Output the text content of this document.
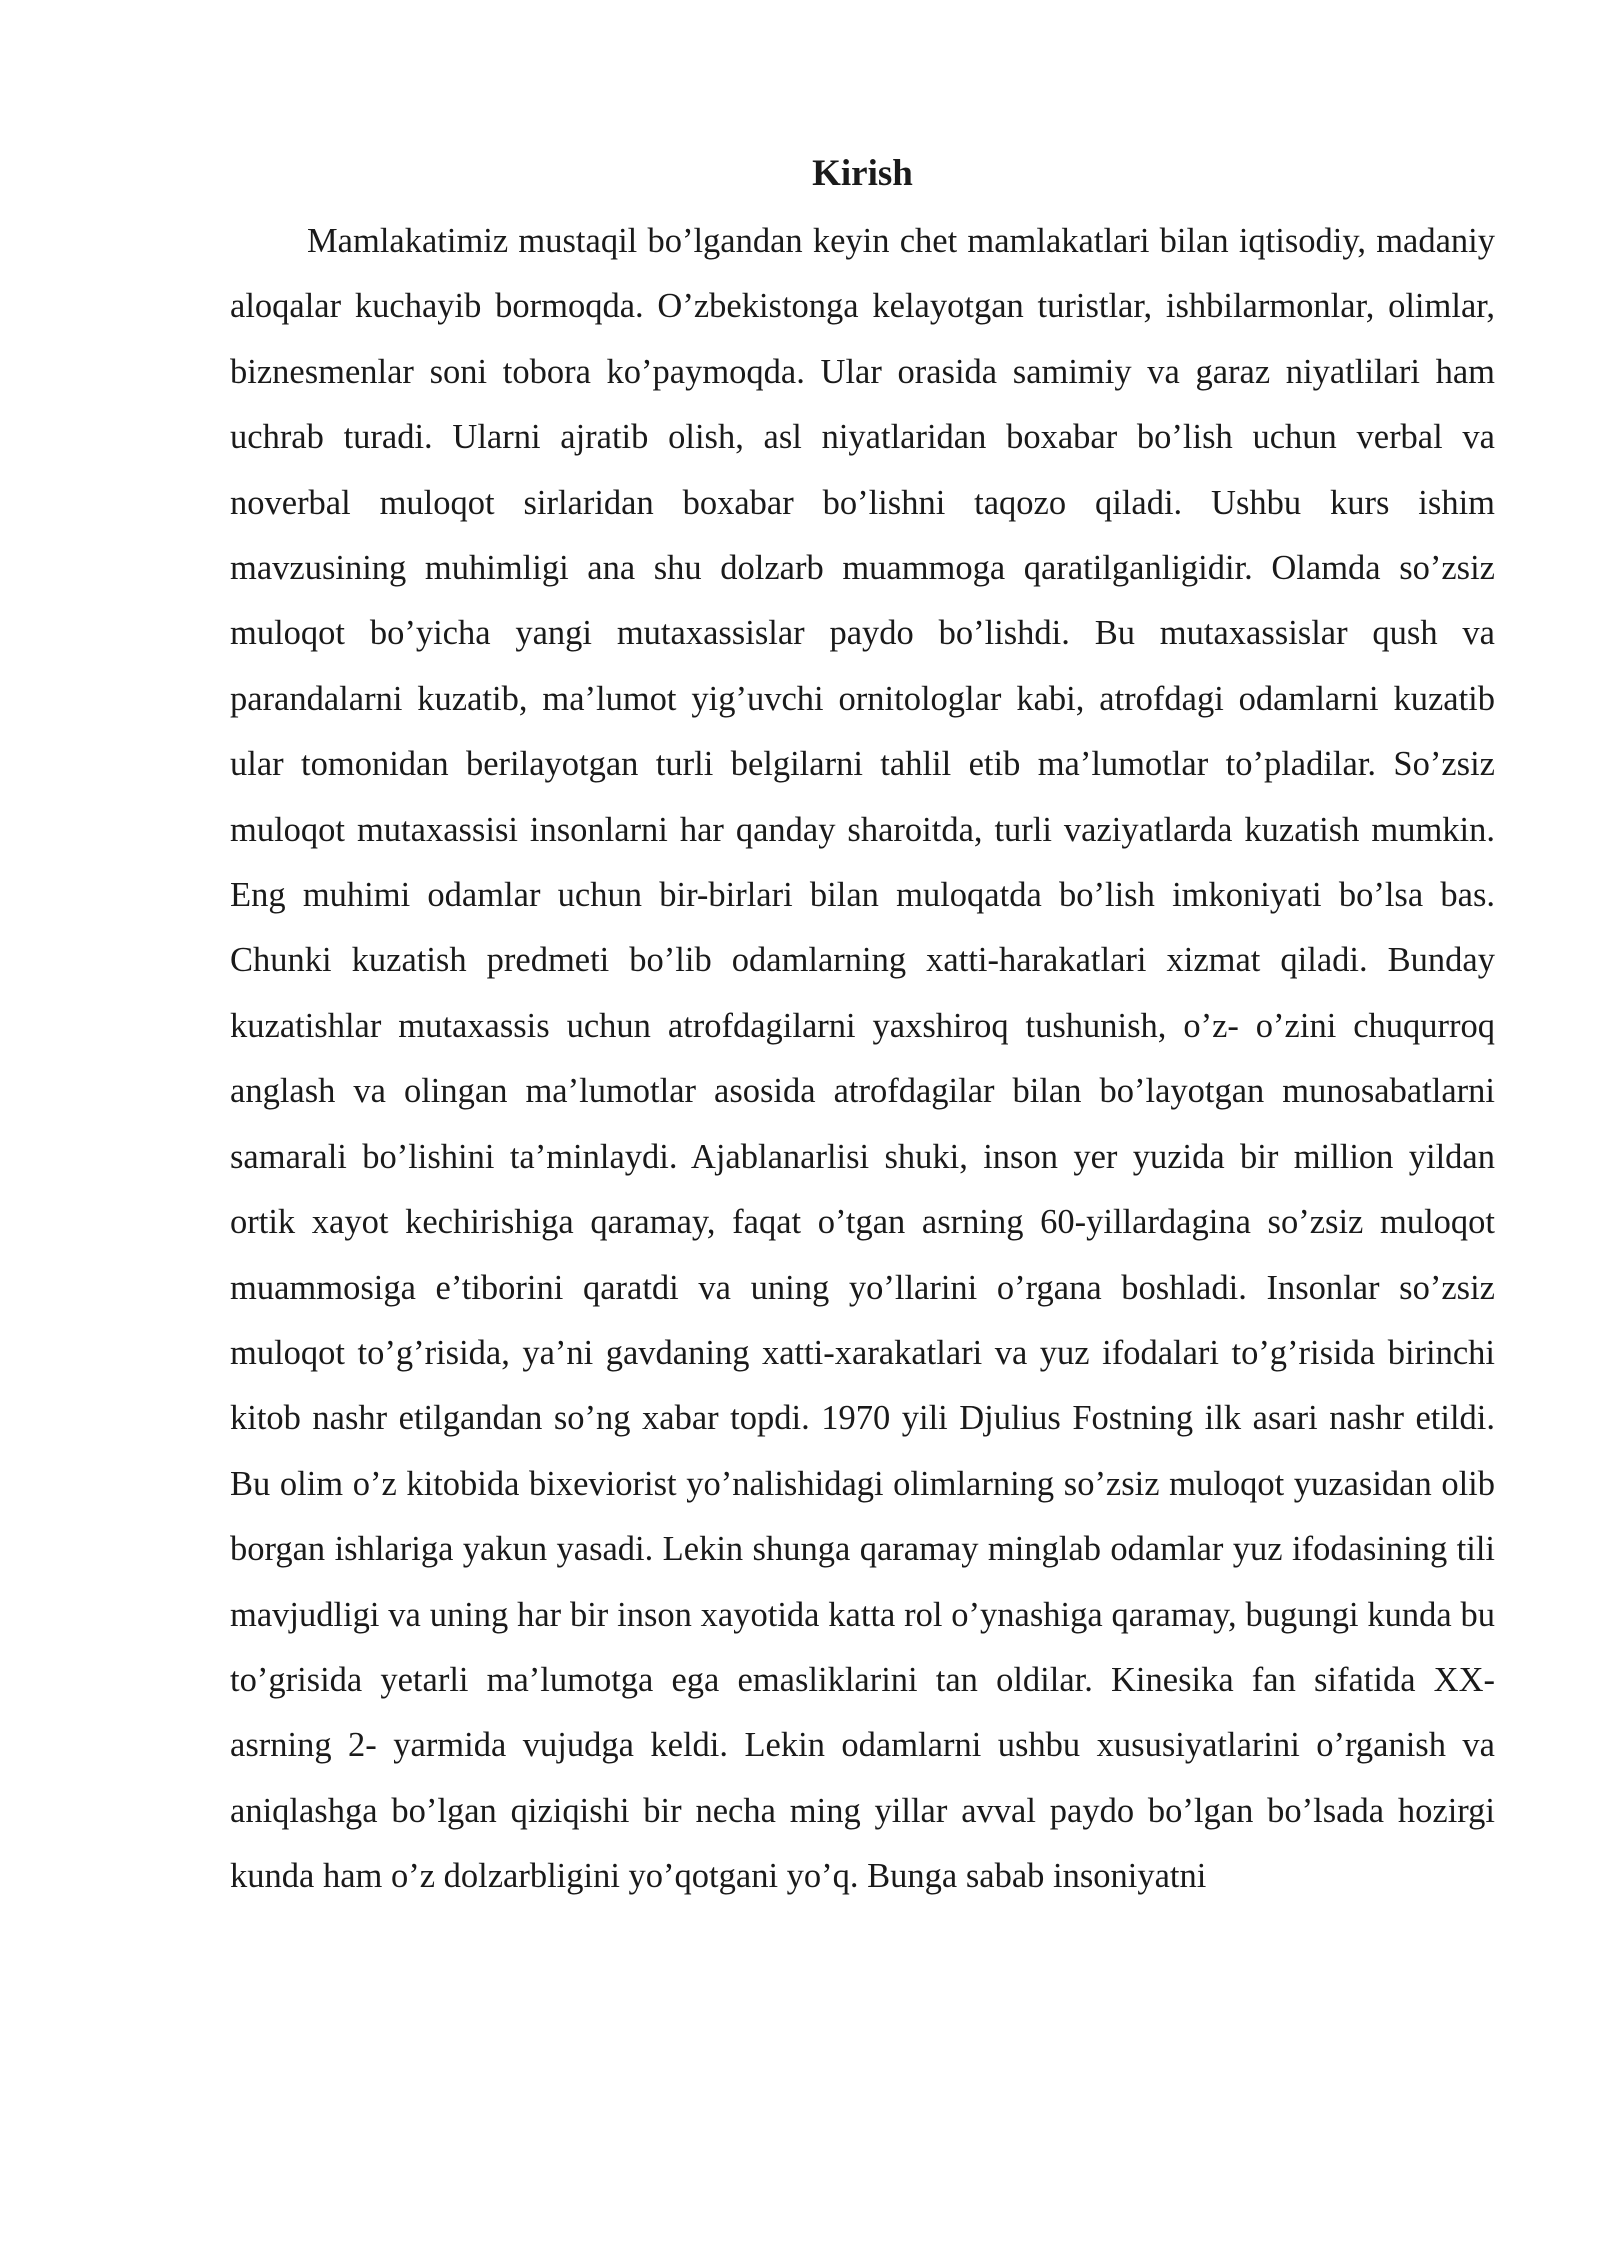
Kirish

Mamlakatimiz mustaqil bo’lgandan keyin chet mamlakatlari bilan iqtisodiy, madaniy aloqalar kuchayib bormoqda. O’zbekistonga kelayotgan turistlar, ishbilarmonlar, olimlar, biznesmenlar soni tobora ko’paymoqda. Ular orasida samimiy va garaz niyatlilari ham uchrab turadi. Ularni ajratib olish, asl niyatlaridan boxabar bo’lish uchun verbal va noverbal muloqot sirlaridan boxabar bo’lishni taqozo qiladi. Ushbu kurs ishim mavzusining muhimligi ana shu dolzarb muammoga qaratilganligidir. Olamda so’zsiz muloqot bo’yicha yangi mutaxassislar paydo bo’lishdi. Bu mutaxassislar qush va parandalarni kuzatib, ma’lumot yig’uvchi ornitologlar kabi, atrofdagi odamlarni kuzatib ular tomonidan berilayotgan turli belgilarni tahlil etib ma’lumotlar to’pladilar. So’zsiz muloqot mutaxassisi insonlarni har qanday sharoitda, turli vaziyatlarda kuzatish mumkin. Eng muhimi odamlar uchun bir-birlari bilan muloqatda bo’lish imkoniyati bo’lsa bas. Chunki kuzatish predmeti bo’lib odamlarning xatti-harakatlari xizmat qiladi. Bunday kuzatishlar mutaxassis uchun atrofdagilarni yaxshiroq tushunish, o’z- o’zini chuqurroq anglash va olingan ma’lumotlar asosida atrofdagilar bilan bo’layotgan munosabatlarni samarali bo’lishini ta’minlaydi. Ajablanarlisi shuki, inson yer yuzida bir million yildan ortik xayot kechirishiga qaramay, faqat o’tgan asrning 60-yillardagina so’zsiz muloqot muammosiga e’tiborini qaratdi va uning yo’llarini o’rgana boshladi. Insonlar so’zsiz muloqot to’g’risida, ya’ni gavdaning xatti-xarakatlari va yuz ifodalari to’g’risida birinchi kitob nashr etilgandan so’ng xabar topdi. 1970 yili Djulius Fostning ilk asari nashr etildi. Bu olim o’z kitobida bixeviorist yo’nalishidagi olimlarning so’zsiz muloqot yuzasidan olib borgan ishlariga yakun yasadi. Lekin shunga qaramay minglab odamlar yuz ifodasining tili mavjudligi va uning har bir inson xayotida katta rol o’ynashiga qaramay, bugungi kunda bu to’grisida yetarli ma’lumotga ega emasliklarini tan oldilar. Kinesika fan sifatida XX-asrning 2- yarmida vujudga keldi. Lekin odamlarni ushbu xususiyatlarini o’rganish va aniqlashga bo’lgan qiziqishi bir necha ming yillar avval paydo bo’lgan bo’lsada hozirgi kunda ham o’z dolzarbligini yo’qotgani yo’q. Bunga sabab insoniyatni
